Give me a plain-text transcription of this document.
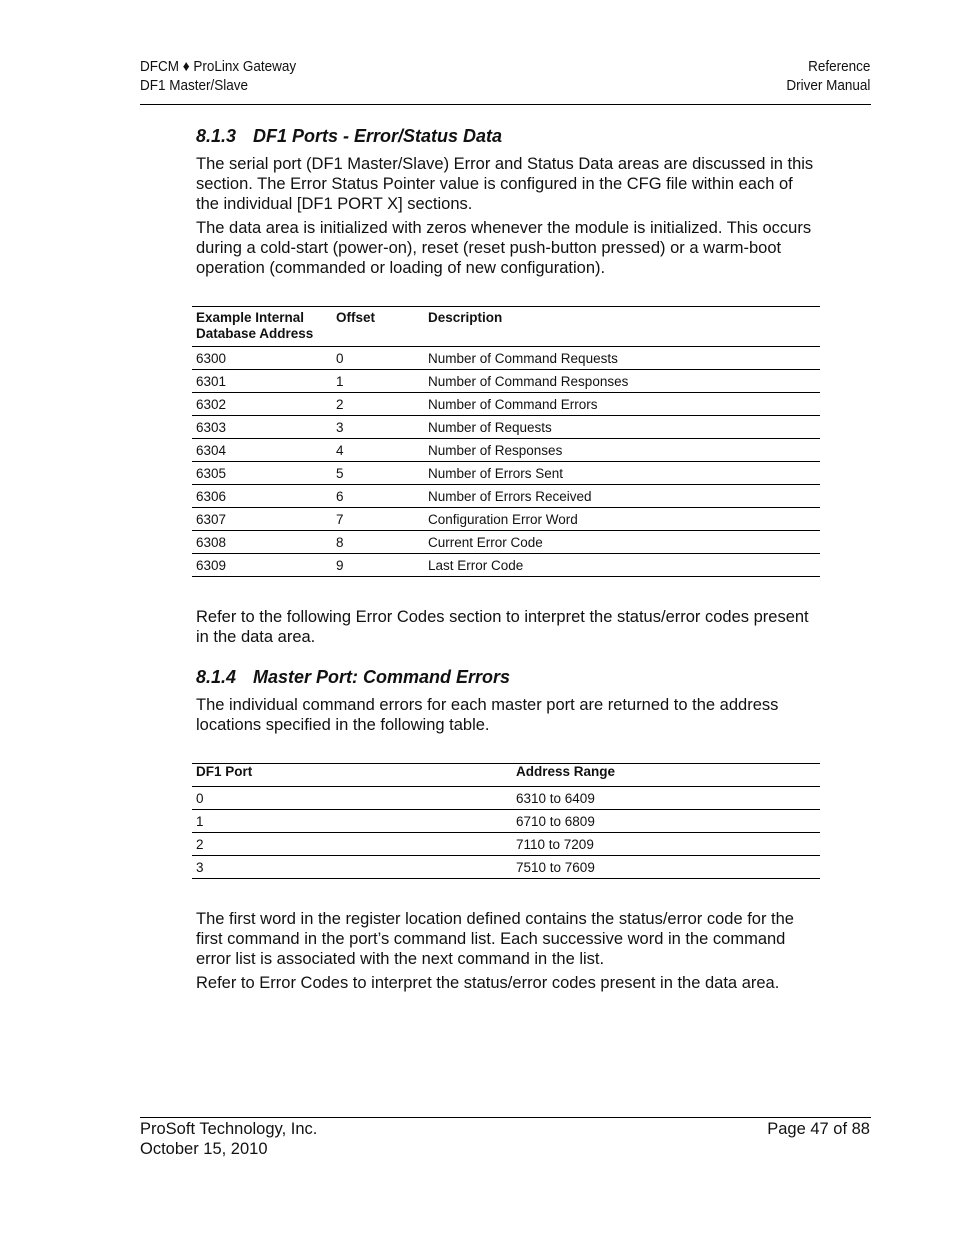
DFCM ♦ ProLinx Gateway
DF1 Master/Slave
Reference
Driver Manual
8.1.3 DF1 Ports - Error/Status Data

The serial port (DF1 Master/Slave) Error and Status Data areas are discussed in this section. The Error Status Pointer value is configured in the CFG file within each of the individual [DF1 PORT X] sections.

The data area is initialized with zeros whenever the module is initialized. This occurs during a cold-start (power-on), reset (reset push-button pressed) or a warm-boot operation (commanded or loading of new configuration).

Example Internal Database Address	Offset	Description
6300	0	Number of Command Requests
6301	1	Number of Command Responses
6302	2	Number of Command Errors
6303	3	Number of Requests
6304	4	Number of Responses
6305	5	Number of Errors Sent
6306	6	Number of Errors Received
6307	7	Configuration Error Word
6308	8	Current Error Code
6309	9	Last Error Code

Refer to the following Error Codes section to interpret the status/error codes present in the data area.

8.1.4 Master Port: Command Errors

The individual command errors for each master port are returned to the address locations specified in the following table.

DF1 Port	Address Range
0	6310 to 6409
1	6710 to 6809
2	7110 to 7209
3	7510 to 7609

The first word in the register location defined contains the status/error code for the first command in the port’s command list. Each successive word in the command error list is associated with the next command in the list.

Refer to Error Codes to interpret the status/error codes present in the data area.

ProSoft Technology, Inc.
October 15, 2010
Page 47 of 88
